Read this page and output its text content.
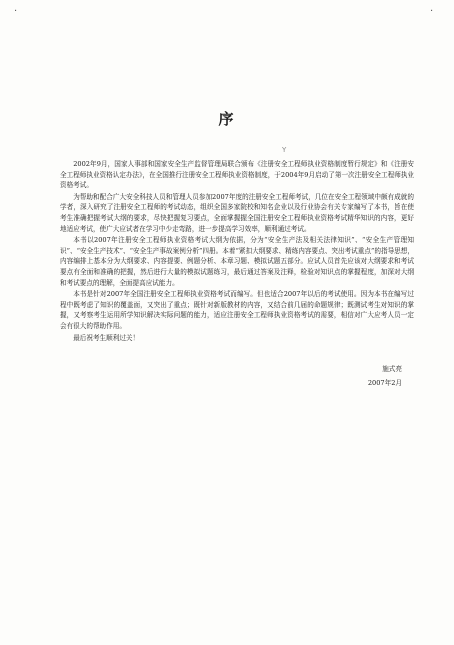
·	·
序
Y

2002年9月，国家人事部和国家安全生产监督管理局联合颁布《注册安全工程师执业资格制度暂行规定》和《注册安全工程师执业资格认定办法》，在全国推行注册安全工程师执业资格制度，于2004年9月启动了第一次注册安全工程师执业资格考试。

为帮助和配合广大安全科技人员和管理人员参加2007年度的注册安全工程师考试，几位在安全工程领域中颇有成就的学者，深入研究了注册安全工程师的考试动态，组织全国多家院校和知名企业以及行业协会有关专家编写了本书，旨在使考生准确把握考试大纲的要求，尽快把握复习要点，全面掌握握全国注册安全工程师执业资格考试精华知识的内容，更好地适应考试，使广大应试者在学习中少走弯路，进一步提高学习效率，顺利通过考试。

本书以2007年注册安全工程师执业资格考试大纲为依据，分为“安全生产法及相关法律知识”、“安全生产管理知识”、“安全生产技术”、“安全生产事故案例分析”四册。本着“紧扣大纲要求、精练内容要点、突出考试重点”的指导思想，内容编排上基本分为大纲要求、内容提要、例题分析、本章习题、模拟试题五部分。应试人员首先应该对大纲要求和考试要点有全面和准确的把握，然后进行大量的模拟试题练习，最后通过答案及注释，检验对知识点的掌握程度，加深对大纲和考试要点的理解，全面提高应试能力。

本书是针对2007年全国注册安全工程师执业资格考试而编写。但也适合2007年以后的考试使用。因为本书在编写过程中既考虑了知识的覆盖面，又突出了重点；既针对新版教材的内容，又结合前几届的命题规律；既测试考生对知识的掌握，又考察考生运用所学知识解决实际问题的能力，适应注册安全工程师执业资格考试的需要，相信对广大应考人员一定会有很大的帮助作用。

最后祝考生顺利过关！

施式亮
2007年2月
